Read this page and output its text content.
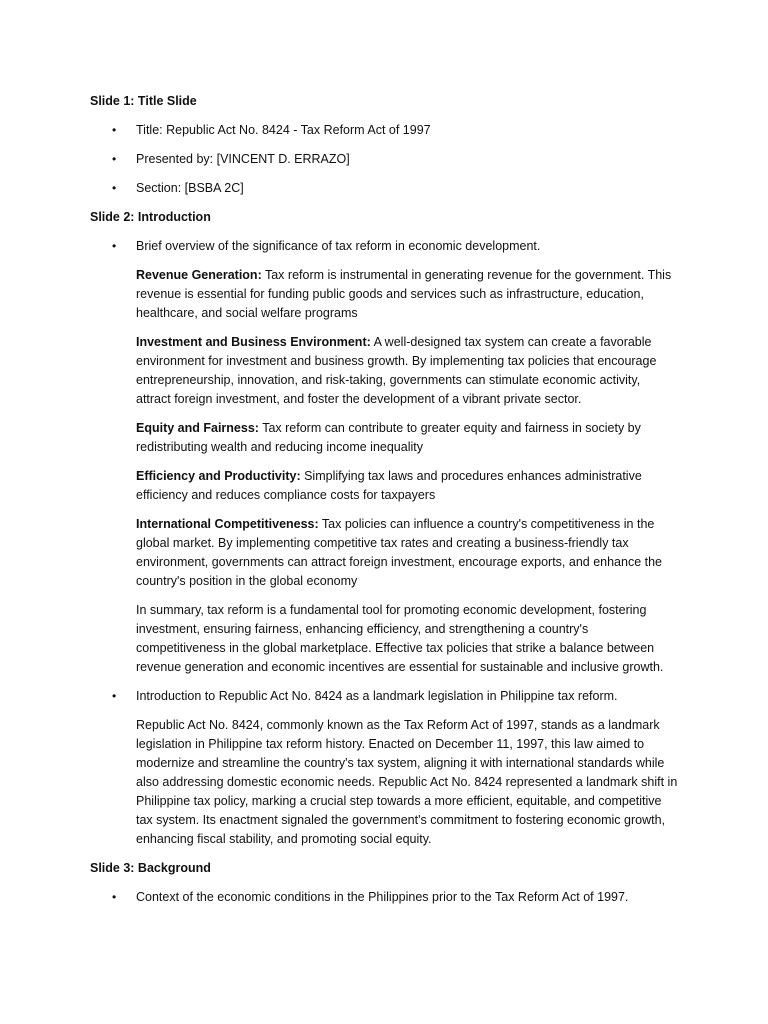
Slide 1: Title Slide
• Title: Republic Act No. 8424 - Tax Reform Act of 1997
• Presented by: [VINCENT D. ERRAZO]
• Section: [BSBA 2C]
Slide 2: Introduction
• Brief overview of the significance of tax reform in economic development.

Revenue Generation: Tax reform is instrumental in generating revenue for the government. This revenue is essential for funding public goods and services such as infrastructure, education, healthcare, and social welfare programs

Investment and Business Environment: A well-designed tax system can create a favorable environment for investment and business growth. By implementing tax policies that encourage entrepreneurship, innovation, and risk-taking, governments can stimulate economic activity, attract foreign investment, and foster the development of a vibrant private sector.

Equity and Fairness: Tax reform can contribute to greater equity and fairness in society by redistributing wealth and reducing income inequality

Efficiency and Productivity: Simplifying tax laws and procedures enhances administrative efficiency and reduces compliance costs for taxpayers

International Competitiveness: Tax policies can influence a country's competitiveness in the global market. By implementing competitive tax rates and creating a business-friendly tax environment, governments can attract foreign investment, encourage exports, and enhance the country's position in the global economy

In summary, tax reform is a fundamental tool for promoting economic development, fostering investment, ensuring fairness, enhancing efficiency, and strengthening a country's competitiveness in the global marketplace. Effective tax policies that strike a balance between revenue generation and economic incentives are essential for sustainable and inclusive growth.

• Introduction to Republic Act No. 8424 as a landmark legislation in Philippine tax reform.

Republic Act No. 8424, commonly known as the Tax Reform Act of 1997, stands as a landmark legislation in Philippine tax reform history. Enacted on December 11, 1997, this law aimed to modernize and streamline the country's tax system, aligning it with international standards while also addressing domestic economic needs. Republic Act No. 8424 represented a landmark shift in Philippine tax policy, marking a crucial step towards a more efficient, equitable, and competitive tax system. Its enactment signaled the government's commitment to fostering economic growth, enhancing fiscal stability, and promoting social equity.

Slide 3: Background
• Context of the economic conditions in the Philippines prior to the Tax Reform Act of 1997.
